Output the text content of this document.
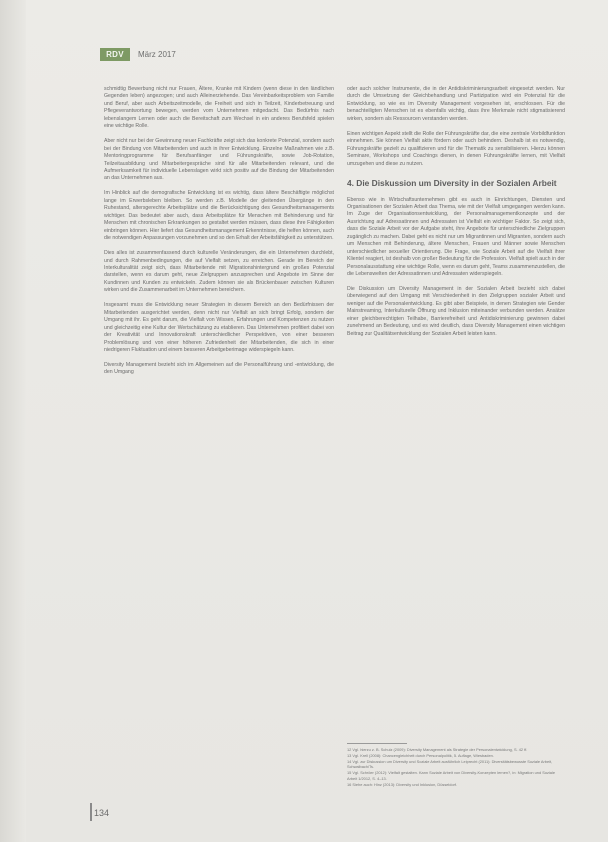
RDV	März 2017

schmidtig Bewerbung nicht nur Frauen, Ältere, Kranke mit Kindern (wenn diese in den ländlichen Gegenden leben) angezogen; und auch Alleinerziehende. Das Vereinbarkeitsproblem von Familie und Beruf, aber auch Arbeitszeitmodelle, die Freiheit und sich in Teilzeit, Kinderbetreuung und Pflegeverantwortung bewegen, werden vom Unternehmen mitgedacht. Das Bedürfnis nach lebenslangem Lernen oder auch die Bereitschaft zum Wechsel in ein anderes Berufsfeld spielen eine wichtige Rolle.

Aber nicht nur bei der Gewinnung neuer Fachkräfte zeigt sich das konkrete Potenzial, sondern auch bei der Bindung von Mitarbeitenden und auch in ihrer Entwicklung. Einzelne Maßnahmen wie z.B. Mentoringprogramme für Berufsanfänger und Führungskräfte, sowie Job-Rotation, Teilzeitausbildung und Mitarbeitergespräche sind für alle Mitarbeitenden relevant, und die Aufmerksamkeit für individuelle Lebenslagen wirkt sich positiv auf die Bindung der Mitarbeitenden an das Unternehmen aus.

Im Hinblick auf die demografische Entwicklung ist es wichtig, dass ältere Beschäftigte möglichst lange im Erwerbsleben bleiben. So werden z.B. Modelle der gleitenden Übergänge in den Ruhestand, altersgerechte Arbeitsplätze und die Berücksichtigung des Gesundheitsmanagements wichtiger. Das bedeutet aber auch, dass Arbeitsplätze für Menschen mit Behinderung und für Menschen mit chronischen Erkrankungen so gestaltet werden müssen, dass diese ihre Fähigkeiten einbringen können. Hier liefert das Gesundheitsmanagement Erkenntnisse, die helfen können, auch die notwendigen Anpassungen vorzunehmen und so den Erhalt der Arbeitsfähigkeit zu unterstützen.

Dies alles ist zusammenfassend durch kulturelle Veränderungen, die ein Unternehmen durchlebt, und durch Rahmenbedingungen, die auf Vielfalt setzen, zu erreichen. Gerade im Bereich der Interkulturalität zeigt sich, dass Mitarbeitende mit Migrationshintergrund ein großes Potenzial darstellen, wenn es darum geht, neue Zielgruppen anzusprechen und Angebote im Sinne der Kundinnen und Kunden zu entwickeln. Zudem können sie als Brückenbauer zwischen Kulturen wirken und die Zusammenarbeit im Unternehmen bereichern.

Insgesamt muss die Entwicklung neuer Strategien in diesem Bereich an den Bedürfnissen der Mitarbeitenden ausgerichtet werden, denn nicht nur Vielfalt an sich bringt Erfolg, sondern der Umgang mit ihr. Es geht darum, die Vielfalt von Wissen, Erfahrungen und Kompetenzen zu nutzen und gleichzeitig eine Kultur der Wertschätzung zu etablieren. Das Unternehmen profitiert dabei von der Kreativität und Innovationskraft unterschiedlicher Perspektiven, von einer besseren Problemlösung und von einer höheren Zufriedenheit der Mitarbeitenden, die sich in einer niedrigeren Fluktuation und einem besseren Arbeitgeberimage widerspiegeln kann.

Diversity Management bezieht sich im Allgemeinen auf die Personalführung und -entwicklung, die den Umgang

oder auch solcher Instrumente, die in der Antidiskriminierungsarbeit eingesetzt werden. Nur durch die Umsetzung der Gleichbehandlung und Partizipation wird ein Potenzial für die Entwicklung, so wie es im Diversity Management vorgesehen ist, erschlossen. Für die benachteiligten Menschen ist es ebenfalls wichtig, dass ihre Merkmale nicht stigmatisierend wirken, sondern als Ressourcen verstanden werden.

Einen wichtigen Aspekt stellt die Rolle der Führungskräfte dar, die eine zentrale Vorbildfunktion einnehmen. Sie können Vielfalt aktiv fördern oder auch behindern. Deshalb ist es notwendig, Führungskräfte gezielt zu qualifizieren und für die Thematik zu sensibilisieren. Hierzu können Seminare, Workshops und Coachings dienen, in denen Führungskräfte lernen, mit Vielfalt umzugehen und diese zu nutzen.

4. Die Diskussion um Diversity in der Sozialen Arbeit

Ebenso wie in Wirtschaftsunternehmen gibt es auch in Einrichtungen, Diensten und Organisationen der Sozialen Arbeit das Thema, wie mit der Vielfalt umgegangen werden kann. Im Zuge der Organisationsentwicklung, der Personalmanagementkonzepte und der Ausrichtung auf Adressatinnen und Adressaten ist Vielfalt ein wichtiger Faktor. So zeigt sich, dass die Soziale Arbeit vor der Aufgabe steht, ihre Angebote für unterschiedliche Zielgruppen zugänglich zu machen. Dabei geht es nicht nur um Migrantinnen und Migranten, sondern auch um Menschen mit Behinderung, ältere Menschen, Frauen und Männer sowie Menschen unterschiedlicher sexueller Orientierung. Die Frage, wie Soziale Arbeit auf die Vielfalt ihrer Klientel reagiert, ist deshalb von großer Bedeutung für die Profession. Vielfalt spielt auch in der Personalausstattung eine wichtige Rolle, wenn es darum geht, Teams zusammenzustellen, die die Lebenswelten der Adressatinnen und Adressaten widerspiegeln.

Die Diskussion um Diversity Management in der Sozialen Arbeit bezieht sich dabei überwiegend auf den Umgang mit Verschiedenheit in den Zielgruppen sozialer Arbeit und weniger auf die Personalentwicklung. Es gibt aber Beispiele, in denen Strategien wie Gender Mainstreaming, Interkulturelle Öffnung und Inklusion miteinander verbunden werden. Ansätze einer gleichberechtigten Teilhabe, Barrierefreiheit und Antidiskriminierung gewinnen dabei zunehmend an Bedeutung, und es wird deutlich, dass Diversity Management einen wichtigen Beitrag zur Qualitätsentwicklung der Sozialen Arbeit leisten kann.

12 Vgl. hierzu z. B. Schulz (2009): Diversity Management als Strategie der Personalentwicklung, S. 42 ff.
13 Vgl. Krell (2008): Chancengleichheit durch Personalpolitik, 5. Auflage, Wiesbaden.
14 Vgl. zur Diskussion um Diversity und Soziale Arbeit ausführlich Leiprecht (2011): Diversitätsbewusste Soziale Arbeit, Schwalbach/Ts.
15 Vgl. Schröer (2012): Vielfalt gestalten. Kann Soziale Arbeit von Diversity-Konzepten lernen?, in: Migration und Soziale Arbeit 1/2012, S. 4–13.
16 Siehe auch: Hinz (2013): Diversity und Inklusion, Düsseldorf.
134
